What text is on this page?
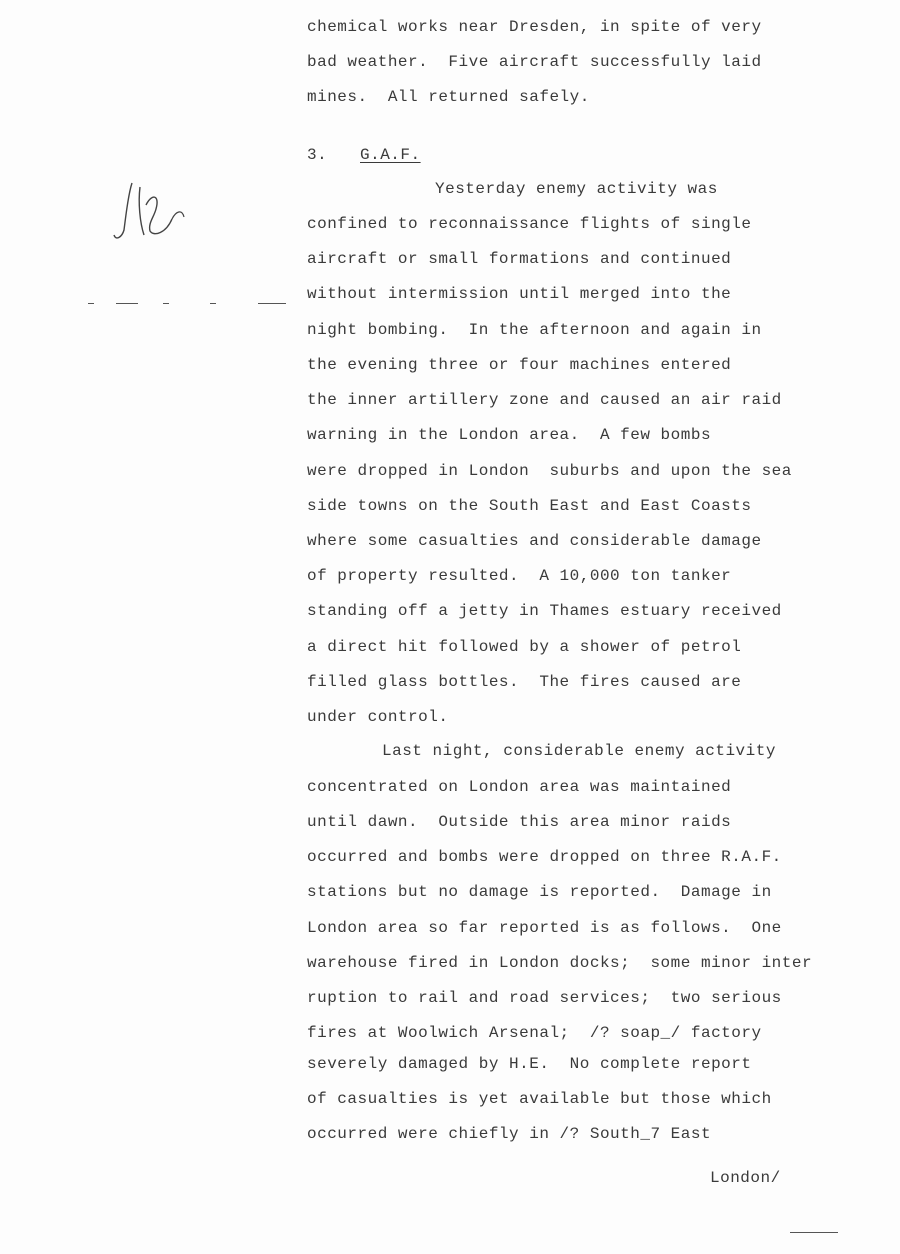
chemical works near Dresden, in spite of very
bad weather.  Five aircraft successfully laid
mines.  All returned safely.
3. G.A.F.
Yesterday enemy activity was
confined to reconnaissance flights of single
aircraft or small formations and continued
without intermission until merged into the
night bombing.  In the afternoon and again in
the evening three or four machines entered
the inner artillery zone and caused an air raid
warning in the London area.  A few bombs
were dropped in London  suburbs and upon the sea
side towns on the South East and East Coasts
where some casualties and considerable damage
of property resulted.  A 10,000 ton tanker
standing off a jetty in Thames estuary received
a direct hit followed by a shower of petrol
filled glass bottles.  The fires caused are
under control.
Last night, considerable enemy activity
concentrated on London area was maintained
until dawn.  Outside this area minor raids
occurred and bombs were dropped on three R.A.F.
stations but no damage is reported.  Damage in
London area so far reported is as follows.  One
warehouse fired in London docks;  some minor inter
ruption to rail and road services;  two serious
fires at Woolwich Arsenal;  /? soap_/ factory
severely damaged by H.E.  No complete report
of casualties is yet available but those which
occurred were chiefly in /? South_7 East
London/
